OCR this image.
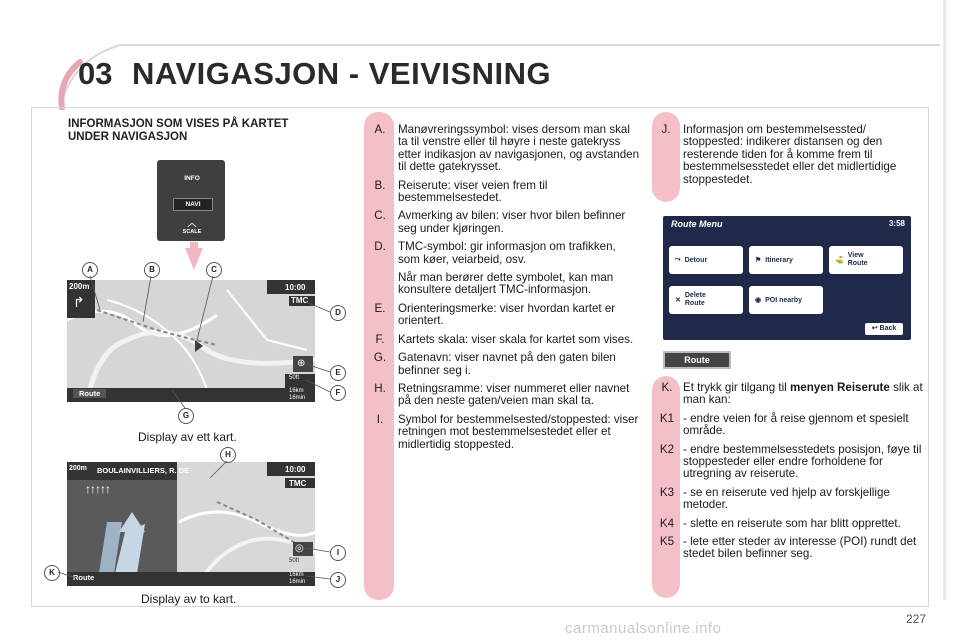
03 NAVIGASJON - VEIVISNING
INFORMASJON SOM VISES PÅ KARTET
UNDER NAVIGASJON
INFO
NAVI
︿
SCALE
200m
↱
10:00
TMC
⊕
50ft
Route	16km
16min
A	B	C
D
E
F
G
Display av ett kart.
200m BOULAINVILLIERS, R. DE
↑↑↑↑↑
10:00
TMC
◎
50ft
Route	16km
16min
H
I
J
K
Display av to kart.
A.	Manøvreringssymbol: vises dersom man skal ta til venstre eller til høyre i neste gatekryss etter indikasjon av navigasjonen, og avstanden til dette gatekrysset.
B.	Reiserute: viser veien frem til bestemmelsestedet.
C.	Avmerking av bilen: viser hvor bilen befinner seg under kjøringen.
D.	TMC-symbol: gir informasjon om trafikken, som køer, veiarbeid, osv.
Når man berører dette symbolet, kan man konsultere detaljert TMC-informasjon.
E.	Orienteringsmerke: viser hvordan kartet er orientert.
F.	Kartets skala: viser skala for kartet som vises.
G.	Gatenavn: viser navnet på den gaten bilen befinner seg i.
H.	Retningsramme: viser nummeret eller navnet på den neste gaten/veien man skal ta.
I.	Symbol for bestemmelsested/stoppested: viser retningen mot bestemmelsestedet eller et midlertidig stoppested.
J.	Informasjon om bestemmelsessted/ stoppested: indikerer distansen og den resterende tiden for å komme frem til bestemmelsesstedet eller det midlertidige stoppestedet.
Route Menu	3:58
⤳ Detour	⚑ Itinerary	⛳
View Route
✕
Delete Route	◉ POI nearby
↩ Back
Route
K. Et trykk gir tilgang til menyen Reiserute slik at man kan:
K1 - endre veien for å reise gjennom et spesielt område.
K2 - endre bestemmelsesstedets posisjon, føye til stoppesteder eller endre forholdene for utregning av reiserute.
K3 - se en reiserute ved hjelp av forskjellige metoder.
K4 - slette en reiserute som har blitt opprettet.
K5 - lete etter steder av interesse (POI) rundt det stedet bilen befinner seg.
227
carmanualsonline.info
